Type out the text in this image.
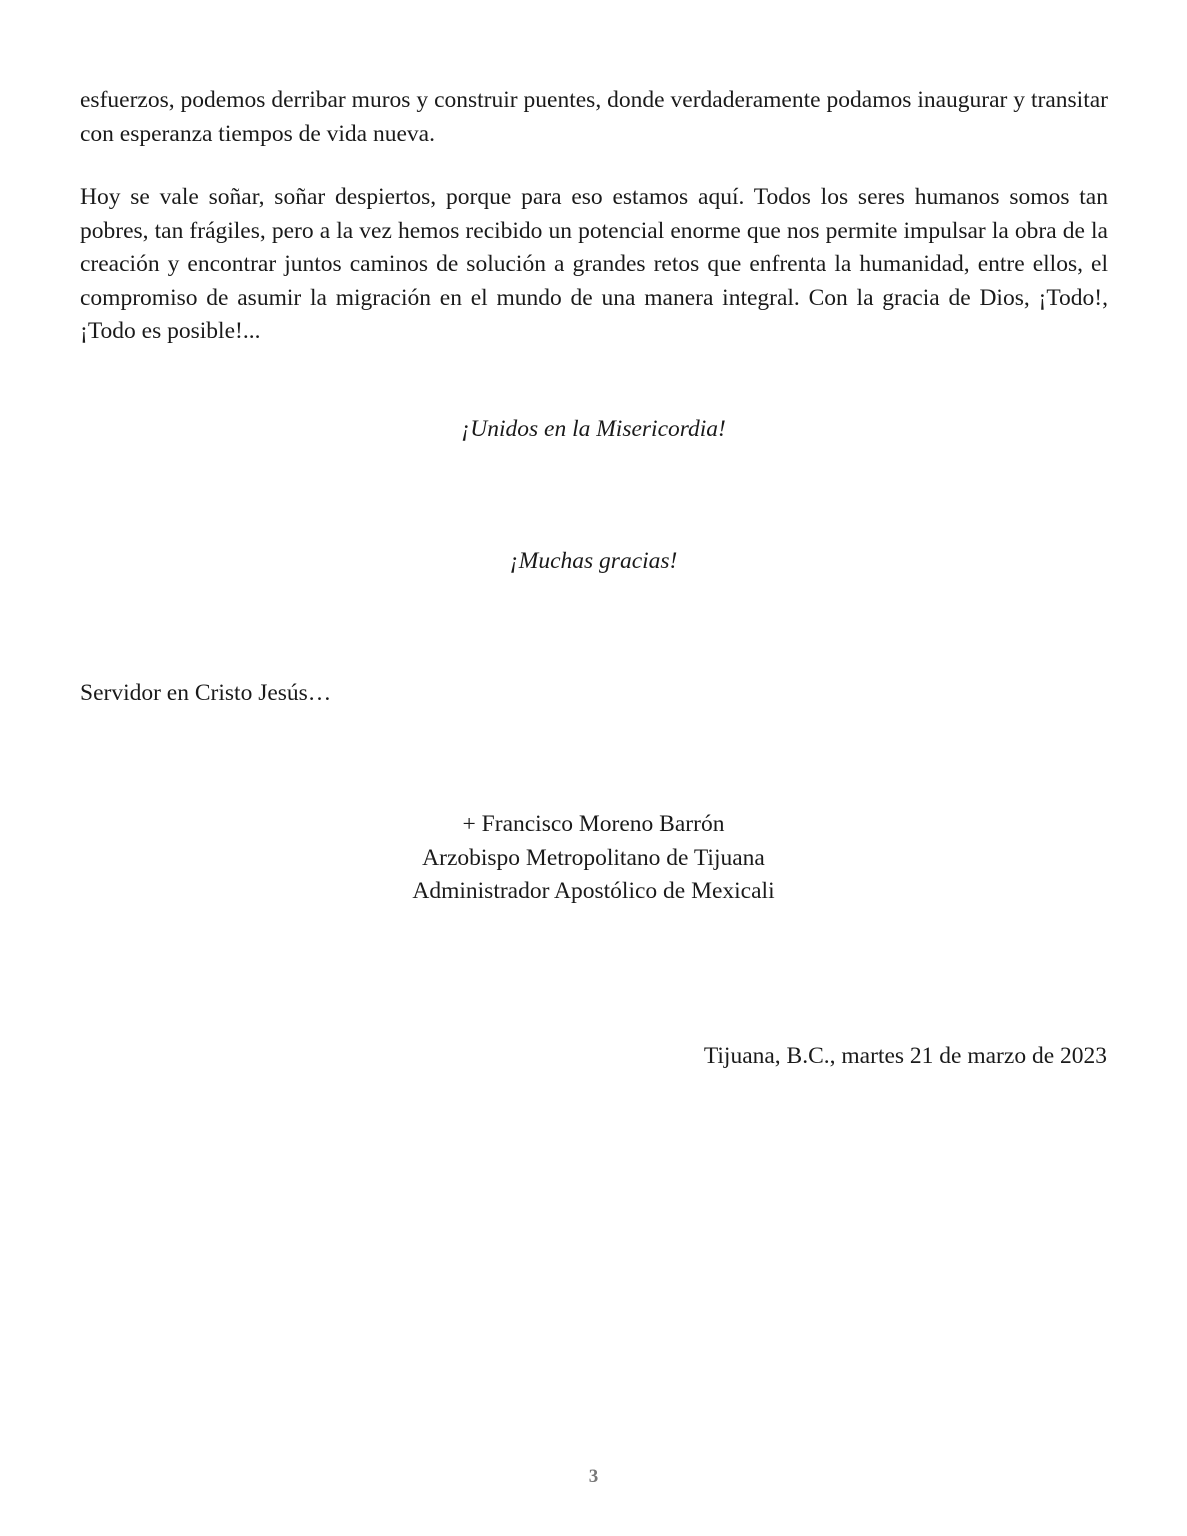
esfuerzos, podemos derribar muros y construir puentes, donde verdaderamente podamos inaugurar y transitar con esperanza tiempos de vida nueva.

Hoy se vale soñar, soñar despiertos, porque para eso estamos aquí. Todos los seres humanos somos tan pobres, tan frágiles, pero a la vez hemos recibido un potencial enorme que nos permite impulsar la obra de la creación y encontrar juntos caminos de solución a grandes retos que enfrenta la humanidad, entre ellos, el compromiso de asumir la migración en el mundo de una manera integral. Con la gracia de Dios, ¡Todo!, ¡Todo es posible!...

¡Unidos en la Misericordia!

¡Muchas gracias!

Servidor en Cristo Jesús…

+ Francisco Moreno Barrón
Arzobispo Metropolitano de Tijuana
Administrador Apostólico de Mexicali

Tijuana, B.C., martes 21 de marzo de 2023

3
